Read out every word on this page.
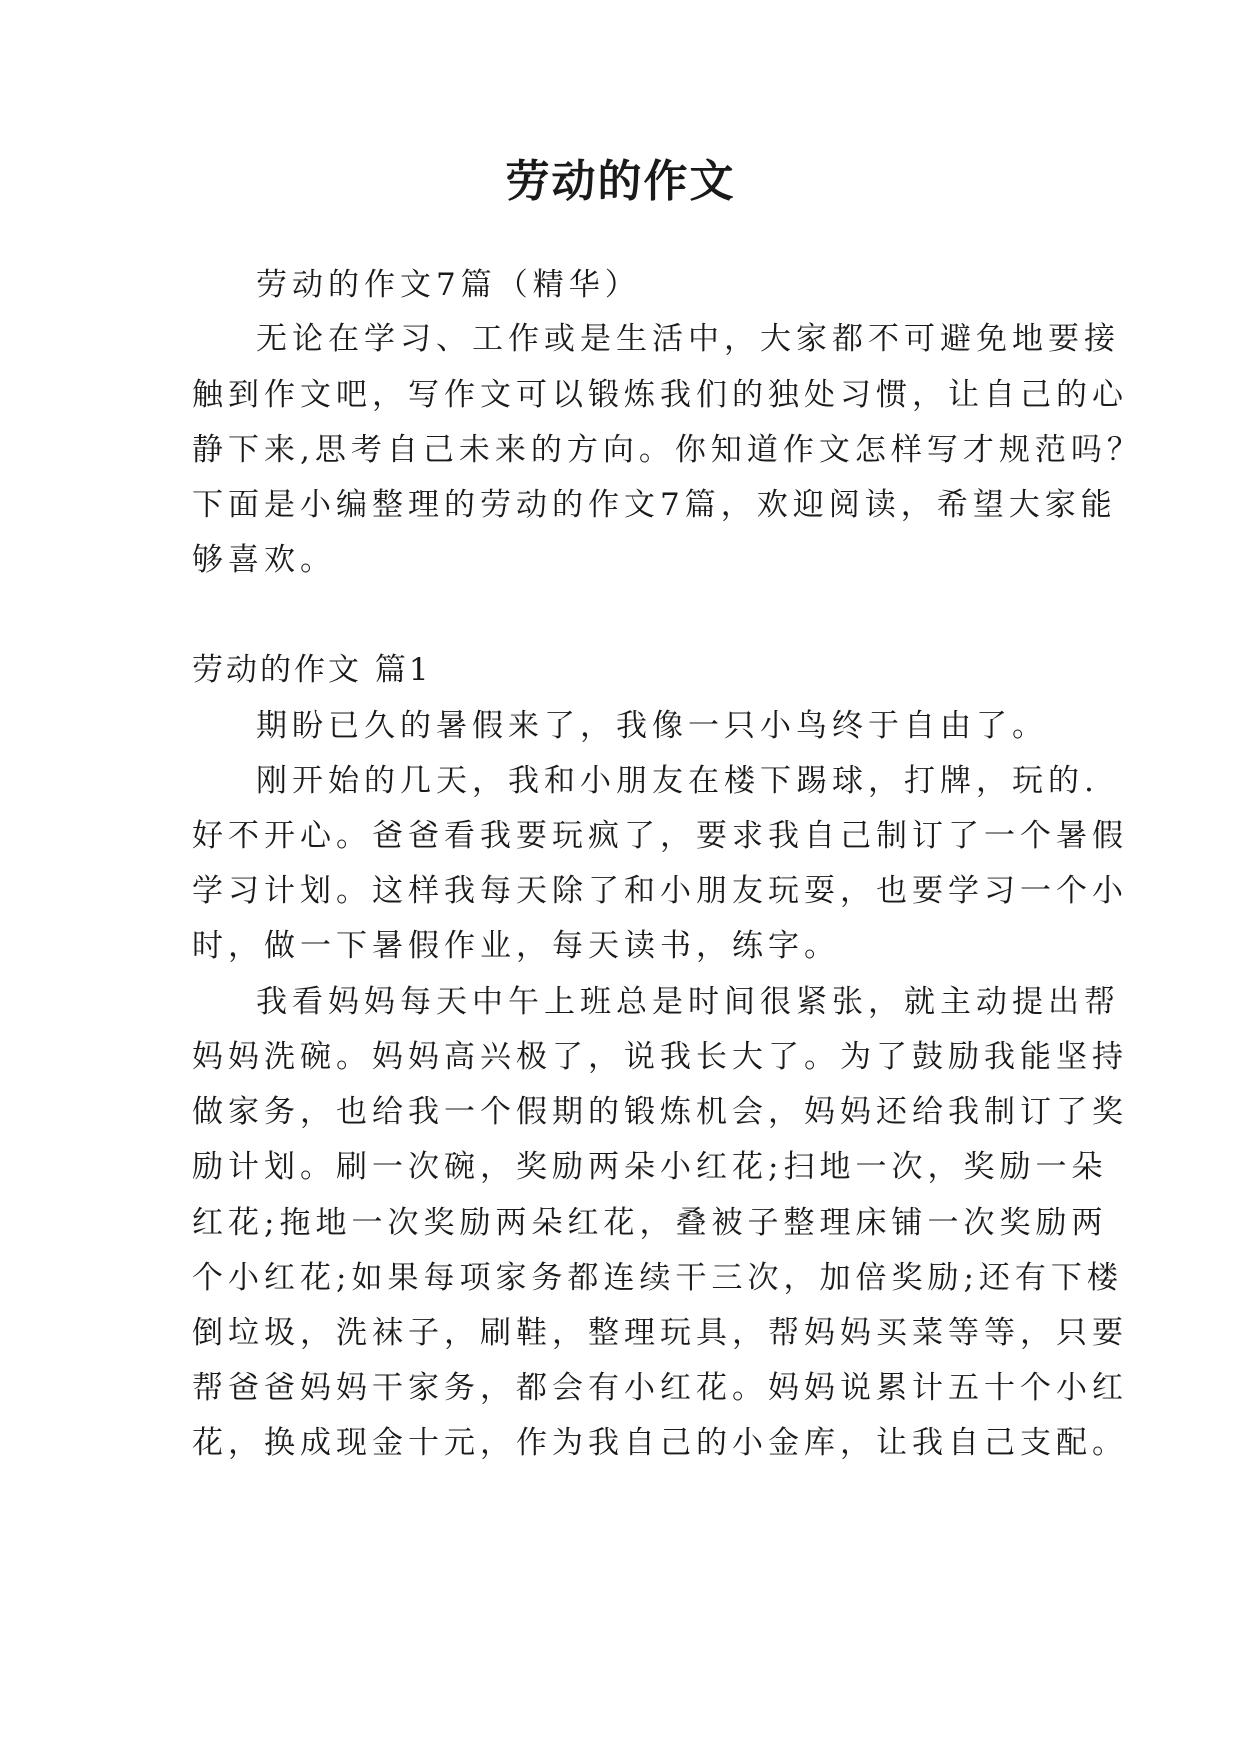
劳动的作文
劳动的作文7篇（精华）
无论在学习、工作或是生活中，大家都不可避免地要接
触到作文吧，写作文可以锻炼我们的独处习惯，让自己的心
静下来,思考自己未来的方向。你知道作文怎样写才规范吗？
下面是小编整理的劳动的作文7篇，欢迎阅读，希望大家能
够喜欢。
劳动的作文 篇1
期盼已久的暑假来了，我像一只小鸟终于自由了。
刚开始的几天，我和小朋友在楼下踢球，打牌，玩的.
好不开心。爸爸看我要玩疯了，要求我自己制订了一个暑假
学习计划。这样我每天除了和小朋友玩耍，也要学习一个小
时，做一下暑假作业，每天读书，练字。
我看妈妈每天中午上班总是时间很紧张，就主动提出帮
妈妈洗碗。妈妈高兴极了，说我长大了。为了鼓励我能坚持
做家务，也给我一个假期的锻炼机会，妈妈还给我制订了奖
励计划。刷一次碗，奖励两朵小红花;扫地一次，奖励一朵
红花;拖地一次奖励两朵红花，叠被子整理床铺一次奖励两
个小红花;如果每项家务都连续干三次，加倍奖励;还有下楼
倒垃圾，洗袜子，刷鞋，整理玩具，帮妈妈买菜等等，只要
帮爸爸妈妈干家务，都会有小红花。妈妈说累计五十个小红
花，换成现金十元，作为我自己的小金库，让我自己支配。
